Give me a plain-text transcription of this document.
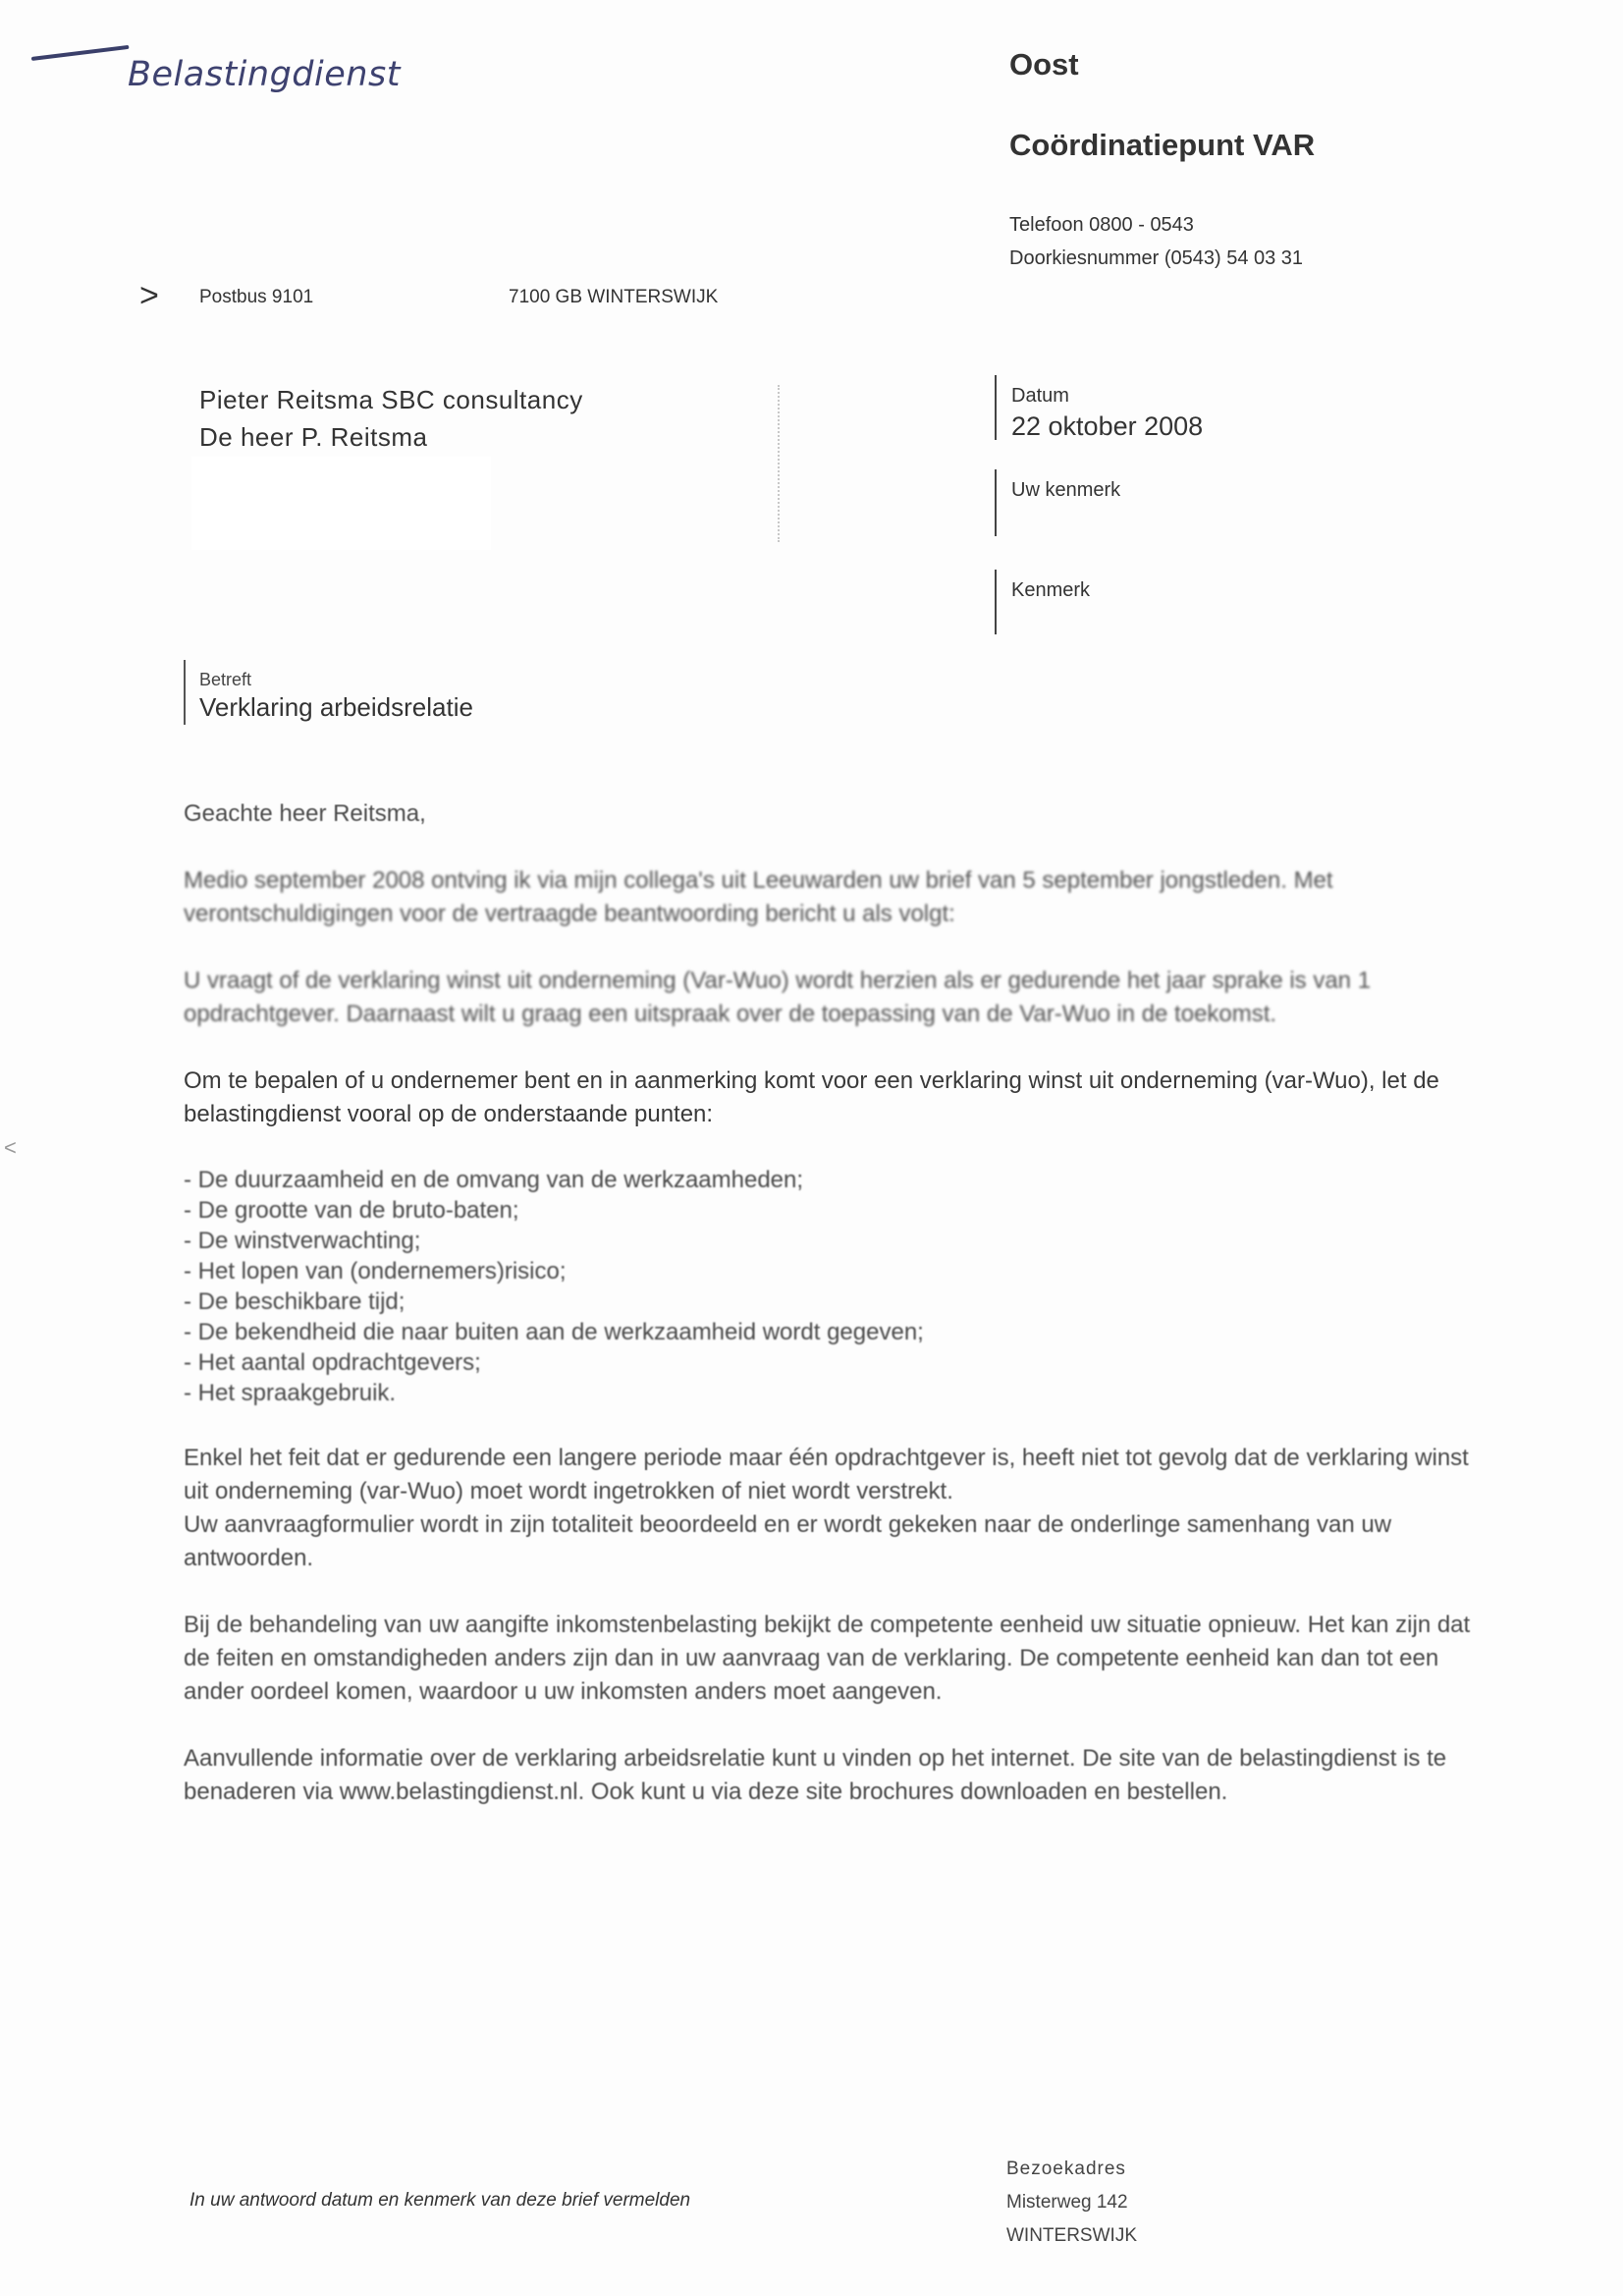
Belastingdienst	Oost
Coördinatiepunt VAR
Telefoon 0800 - 0543
Doorkiesnummer (0543) 54 03 31
> Postbus 9101	7100 GB WINTERSWIJK
Pieter Reitsma SBC consultancy
De heer P. Reitsma
Datum
22 oktober 2008
Uw kenmerk
Kenmerk
Betreft
Verklaring arbeidsrelatie

Geachte heer Reitsma,

Medio september 2008 ontving ik via mijn collega's uit Leeuwarden uw brief van 5 september jongstleden. Met verontschuldigingen voor de vertraagde beantwoording bericht u als volgt:

U vraagt of de verklaring winst uit onderneming (Var-Wuo) wordt herzien als er gedurende het jaar sprake is van 1 opdrachtgever. Daarnaast wilt u graag een uitspraak over de toepassing van de Var-Wuo in de toekomst.

Om te bepalen of u ondernemer bent en in aanmerking komt voor een verklaring winst uit onderneming (var-Wuo), let de belastingdienst vooral op de onderstaande punten:

- De duurzaamheid en de omvang van de werkzaamheden;
- De grootte van de bruto-baten;
- De winstverwachting;
- Het lopen van (ondernemers)risico;
- De beschikbare tijd;
- De bekendheid die naar buiten aan de werkzaamheid wordt gegeven;
- Het aantal opdrachtgevers;
- Het spraakgebruik.

Enkel het feit dat er gedurende een langere periode maar één opdrachtgever is, heeft niet tot gevolg dat de verklaring winst uit onderneming (var-Wuo) moet wordt ingetrokken of niet wordt verstrekt.

Uw aanvraagformulier wordt in zijn totaliteit beoordeeld en er wordt gekeken naar de onderlinge samenhang van uw antwoorden.

Bij de behandeling van uw aangifte inkomstenbelasting bekijkt de competente eenheid uw situatie opnieuw. Het kan zijn dat de feiten en omstandigheden anders zijn dan in uw aanvraag van de verklaring. De competente eenheid kan dan tot een ander oordeel komen, waardoor u uw inkomsten anders moet aangeven.

Aanvullende informatie over de verklaring arbeidsrelatie kunt u vinden op het internet. De site van de belastingdienst is te benaderen via www.belastingdienst.nl. Ook kunt u via deze site brochures downloaden en bestellen.

In uw antwoord datum en kenmerk van deze brief vermelden
Bezoekadres
Misterweg 142
WINTERSWIJK
<
